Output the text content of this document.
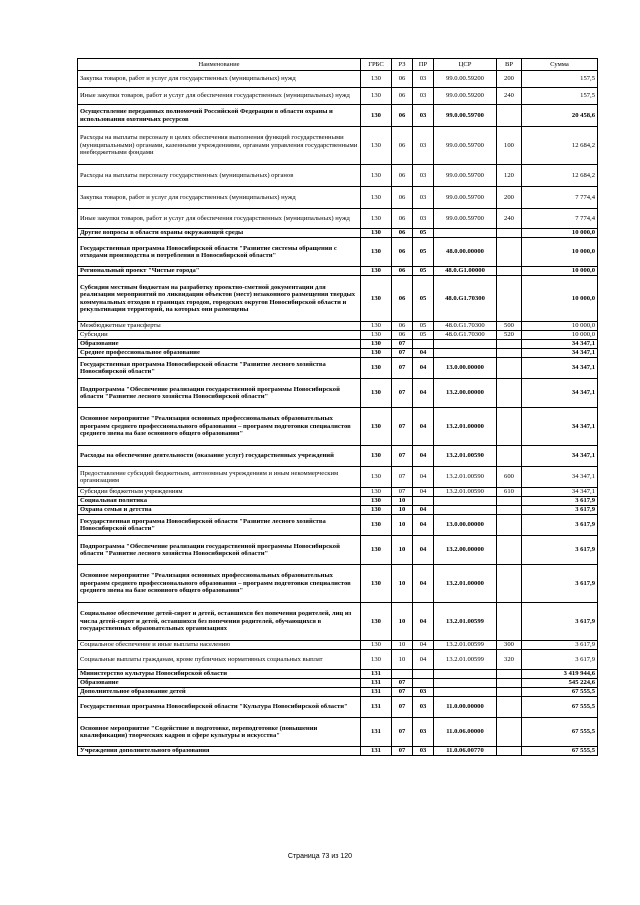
Наименование	ГРБС	РЗ	ПР	ЦСР	ВР	Сумма
Закупка товаров, работ и услуг для государственных (муниципальных) нужд	130	06	03	99.0.00.59200	200	157,5
Иные закупки товаров, работ и услуг для обеспечения государственных (муниципальных) нужд	130	06	03	99.0.00.59200	240	157,5
Осуществление переданных полномочий Российской Федерации в области охраны и использования охотничьих ресурсов	130	06	03	99.0.00.59700		20 458,6
Расходы на выплаты персоналу в целях обеспечения выполнения функций государственными (муниципальными) органами, казенными учреждениями, органами управления государственными внебюджетными фондами	130	06	03	99.0.00.59700	100	12 684,2
Расходы на выплаты персоналу государственных (муниципальных) органов	130	06	03	99.0.00.59700	120	12 684,2
Закупка товаров, работ и услуг для государственных (муниципальных) нужд	130	06	03	99.0.00.59700	200	7 774,4
Иные закупки товаров, работ и услуг для обеспечения государственных (муниципальных) нужд	130	06	03	99.0.00.59700	240	7 774,4
Другие вопросы в области охраны окружающей среды	130	06	05			10 000,0
Государственная программа Новосибирской области "Развитие системы обращения с отходами производства и потребления в Новосибирской области"	130	06	05	48.0.00.00000		10 000,0
Региональный проект "Чистые города"	130	06	05	48.0.G1.00000		10 000,0
Субсидии местным бюджетам на разработку проектно-сметной документации для реализации мероприятий по ликвидации объектов (мест) незаконного размещения твердых коммунальных отходов в границах городов, городских округов Новосибирской области и рекультивации территорий, на которых они размещены	130	06	05	48.0.G1.70300		10 000,0
Межбюджетные трансферты	130	06	05	48.0.G1.70300	500	10 000,0
Субсидии	130	06	05	48.0.G1.70300	520	10 000,0
Образование	130	07				34 347,1
Среднее профессиональное образование	130	07	04			34 347,1
Государственная программа Новосибирской области "Развитие лесного хозяйства Новосибирской области"	130	07	04	13.0.00.00000		34 347,1
Подпрограмма "Обеспечение реализации государственной программы Новосибирской области "Развитие лесного хозяйства Новосибирской области"	130	07	04	13.2.00.00000		34 347,1
Основное мероприятие "Реализация основных профессиональных образовательных программ среднего профессионального образования – программ подготовки специалистов среднего звена на базе основного общего образования"	130	07	04	13.2.01.00000		34 347,1
Расходы на обеспечение деятельности (оказание услуг) государственных учреждений	130	07	04	13.2.01.00590		34 347,1
Предоставление субсидий бюджетным, автономным учреждениям и иным некоммерческим организациям	130	07	04	13.2.01.00590	600	34 347,1
Субсидии бюджетным учреждениям	130	07	04	13.2.01.00590	610	34 347,1
Социальная политика	130	10				3 617,9
Охрана семьи и детства	130	10	04			3 617,9
Государственная программа Новосибирской области "Развитие лесного хозяйства Новосибирской области"	130	10	04	13.0.00.00000		3 617,9
Подпрограмма "Обеспечение реализации государственной программы Новосибирской области "Развитие лесного хозяйства Новосибирской области"	130	10	04	13.2.00.00000		3 617,9
Основное мероприятие "Реализация основных профессиональных образовательных программ среднего профессионального образования – программ подготовки специалистов среднего звена на базе основного общего образования"	130	10	04	13.2.01.00000		3 617,9
Социальное обеспечение детей-сирот и детей, оставшихся без попечения родителей, лиц из числа детей-сирот и детей, оставшихся без попечения родителей, обучающихся в государственных образовательных организациях	130	10	04	13.2.01.00599		3 617,9
Социальное обеспечение и иные выплаты населению	130	10	04	13.2.01.00599	300	3 617,9
Социальные выплаты гражданам, кроме публичных нормативных социальных выплат	130	10	04	13.2.01.00599	320	3 617,9
Министерство культуры Новосибирской области	131					3 419 944,6
Образование	131	07				545 224,6
Дополнительное образование детей	131	07	03			67 555,5
Государственная программа Новосибирской области "Культура Новосибирской области"	131	07	03	11.0.00.00000		67 555,5
Основное мероприятие "Содействие в подготовке, переподготовке (повышении квалификации) творческих кадров в сфере культуры и искусства"	131	07	03	11.0.06.00000		67 555,5
Учреждения дополнительного образования	131	07	03	11.0.06.00770		67 555,5
Страница 73 из 120
